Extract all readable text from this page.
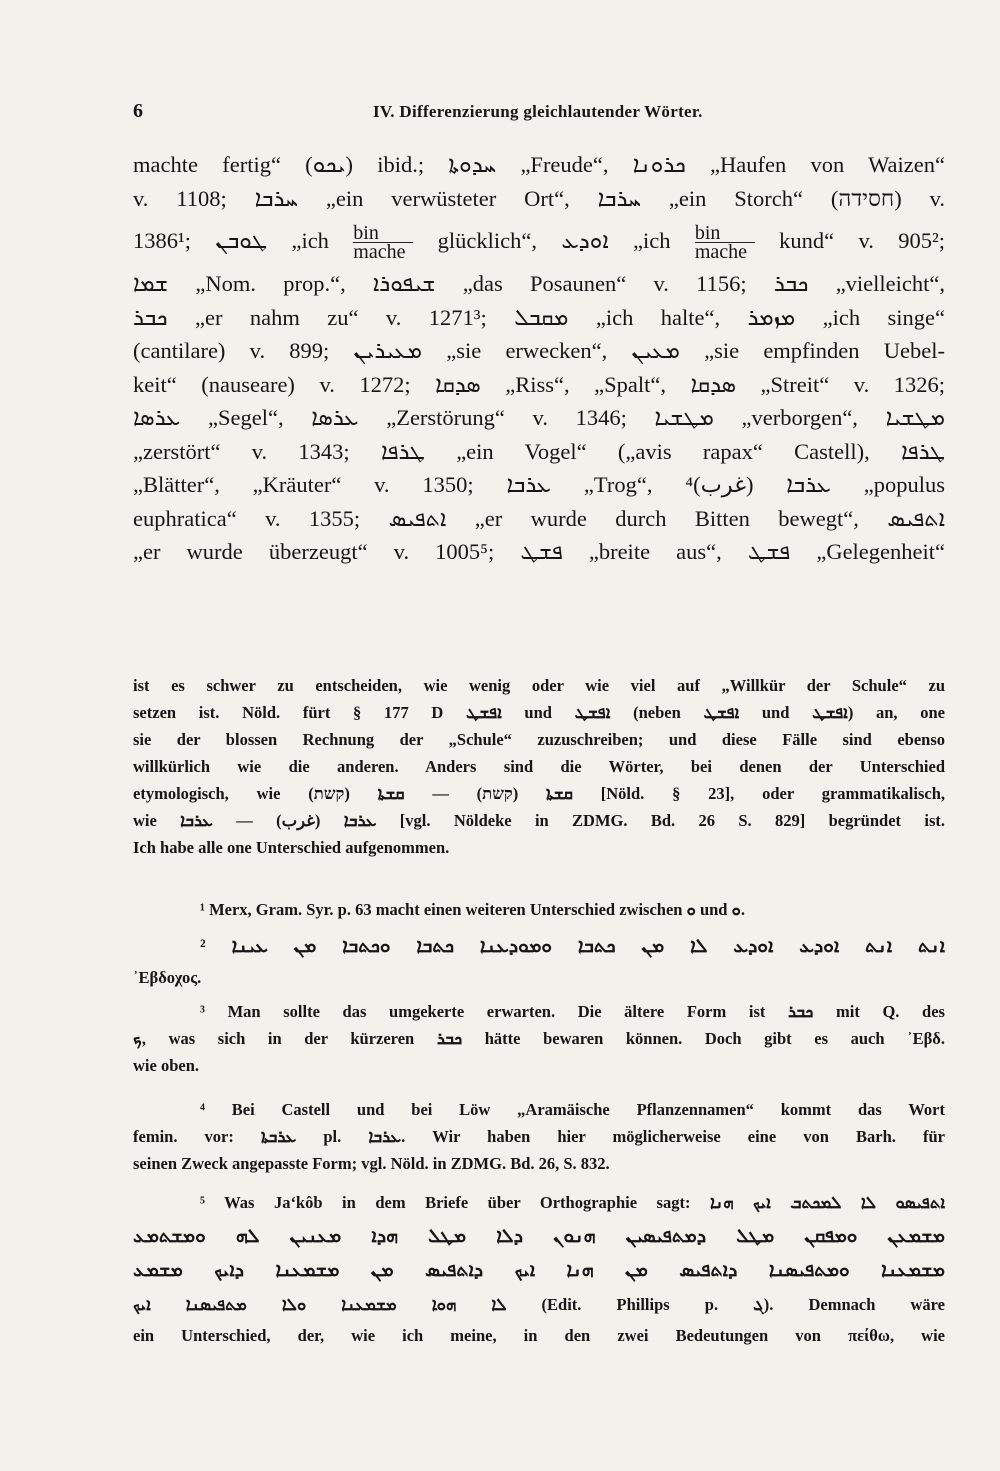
6	IV. Differenzierung gleichlautender Wörter.
machte fertig“ (ܝܟܘ) ibid.; ܚܕܘܬܐ „Freude“, ܟܪܘܢܐ „Haufen von Waizen“
v. 1108; ܚܪܒܐ „ein verwüsteter Ort“, ܚܪܒܐ „ein Storch“ (חסידה) v.
1386¹; ܛܘܒܢ „ich $\frac{\text{bin}}{\text{mache}}$ glücklich“, ܐܘܕܥ „ich $\frac{\text{bin}}{\text{mache}}$ kund“ v. 905²;
ܫܡܐ „Nom. prop.“, ܫܝܦܘܪܐ „das Posaunen“ v. 1156; ܟܒܪ „vielleicht“,
ܟܒܪ „er nahm zu“ v. 1271³; ܡܩܒܠ „ich halte“, ܡܙܡܪ „ich singe“
(cantilare) v. 899; ܡܥܝܪܝܢ „sie erwecken“, ܡܥܝܢ „sie empfinden Uebel-
keit“ (nauseare) v. 1272; ܣܕܩܐ „Riss“, „Spalt“, ܣܕܩܐ „Streit“ v. 1326;
ܥܪܣܐ „Segel“, ܥܪܣܐ „Zerstörung“ v. 1346; ܡܛܫܝܐ „verborgen“, ܡܛܫܝܐ
„zerstört“ v. 1343; ܛܪܦܐ „ein Vogel“ („avis rapax“ Castell), ܛܪܦܐ
„Blätter“, „Kräuter“ v. 1350; ܥܪܒܐ „Trog“, ܥܪܒܐ (غرب)⁴ „populus
euphratica“ v. 1355; ܐܬܦܝܣ „er wurde durch Bitten bewegt“, ܐܬܦܝܣ
„er wurde überzeugt“ v. 1005⁵; ܦܫܛ „breite aus“, ܦܫܛ „Gelegenheit“
ist es schwer zu entscheiden, wie wenig oder wie viel auf „Willkür der Schule“ zu
setzen ist. Nöld. fürt § 177 D ܐܦܫܛ und ܐܦܫܛ (neben ܐܦܫܛ und ܐܦܫܛ) an, one
sie der blossen Rechnung der „Schule“ zuzuschreiben; und diese Fälle sind ebenso
willkürlich wie die anderen. Anders sind die Wörter, bei denen der Unterschied
etymologisch, wie ܩܫܬܐ (קשת) — ܩܫܬܐ (קשת) [Nöld. § 23], oder grammatikalisch,
wie ܥܪܒܐ (غرب) — ܥܪܒܐ [vgl. Nöldeke in ZDMG. Bd. 26 S. 829] begründet ist.
Ich habe alle one Unterschied aufgenommen.
¹ Merx, Gram. Syr. p. 63 macht einen weiteren Unterschied zwischen ܘ und ܘ.
² ܐܢܬ ܐܢܬ ܐܘܕܥ ܐܘܕܥ ܠܐ ܡܢ ܟܬܒܐ ܘܡܘܕܥܢܐ ܟܬܒܐ ܘܟܬܒܐ ܡܢ ܥܝܢܐ
᾿Εβδοχος.
³ Man sollte das umgekerte erwarten. Die ältere Form ist ܟܒܪ mit Q. des
ܟ, was sich in der kürzeren ܟܒܪ hätte bewaren können. Doch gibt es auch ᾿Εβδ.
wie oben.
⁴ Bei Castell und bei Löw „Aramäische Pflanzennamen“ kommt das Wort
femin. vor: ܥܪܒܬܐ pl. ܥܪܒܐ. Wir haben hier möglicherweise eine von Barh. für
seinen Zweck angepasste Form; vgl. Nöld. in ZDMG. Bd. 26, S. 832.
⁵ Was Ja‘kôb in dem Briefe über Orthographie sagt: ܐܬܦܝܣܘ ܠܐ ܠܡܟܬܒ ܐܝܟ ܗܢܐ
ܡܫܡܥܢ ܘܡܦܩܢ ܡܛܠ ܕܡܬܦܝܣܝܢ ܗܢܘܢ ܕܠܐ ܡܛܠ ܗܕܐ ܡܥܢܝܢ ܠܗ ܘܡܫܬܡܥ
ܡܫܡܥܢܐ ܘܡܬܦܝܣܢܐ ܕܐܬܦܝܣ ܡܢ ܗܢܐ ܐܝܟ ܕܐܬܦܝܣ ܡܢ ܡܫܡܥܢܐ ܕܐܝܟ ܡܫܡܥ
ܠܐ ܗܘܐ ܡܫܡܥܢܐ ܘܠܐ ܡܬܦܝܣܢܐ ܐܝܟ (Edit. Phillips p. ܓ). Demnach wäre
ein Unterschied, der, wie ich meine, in den zwei Bedeutungen von πείθω, wie
